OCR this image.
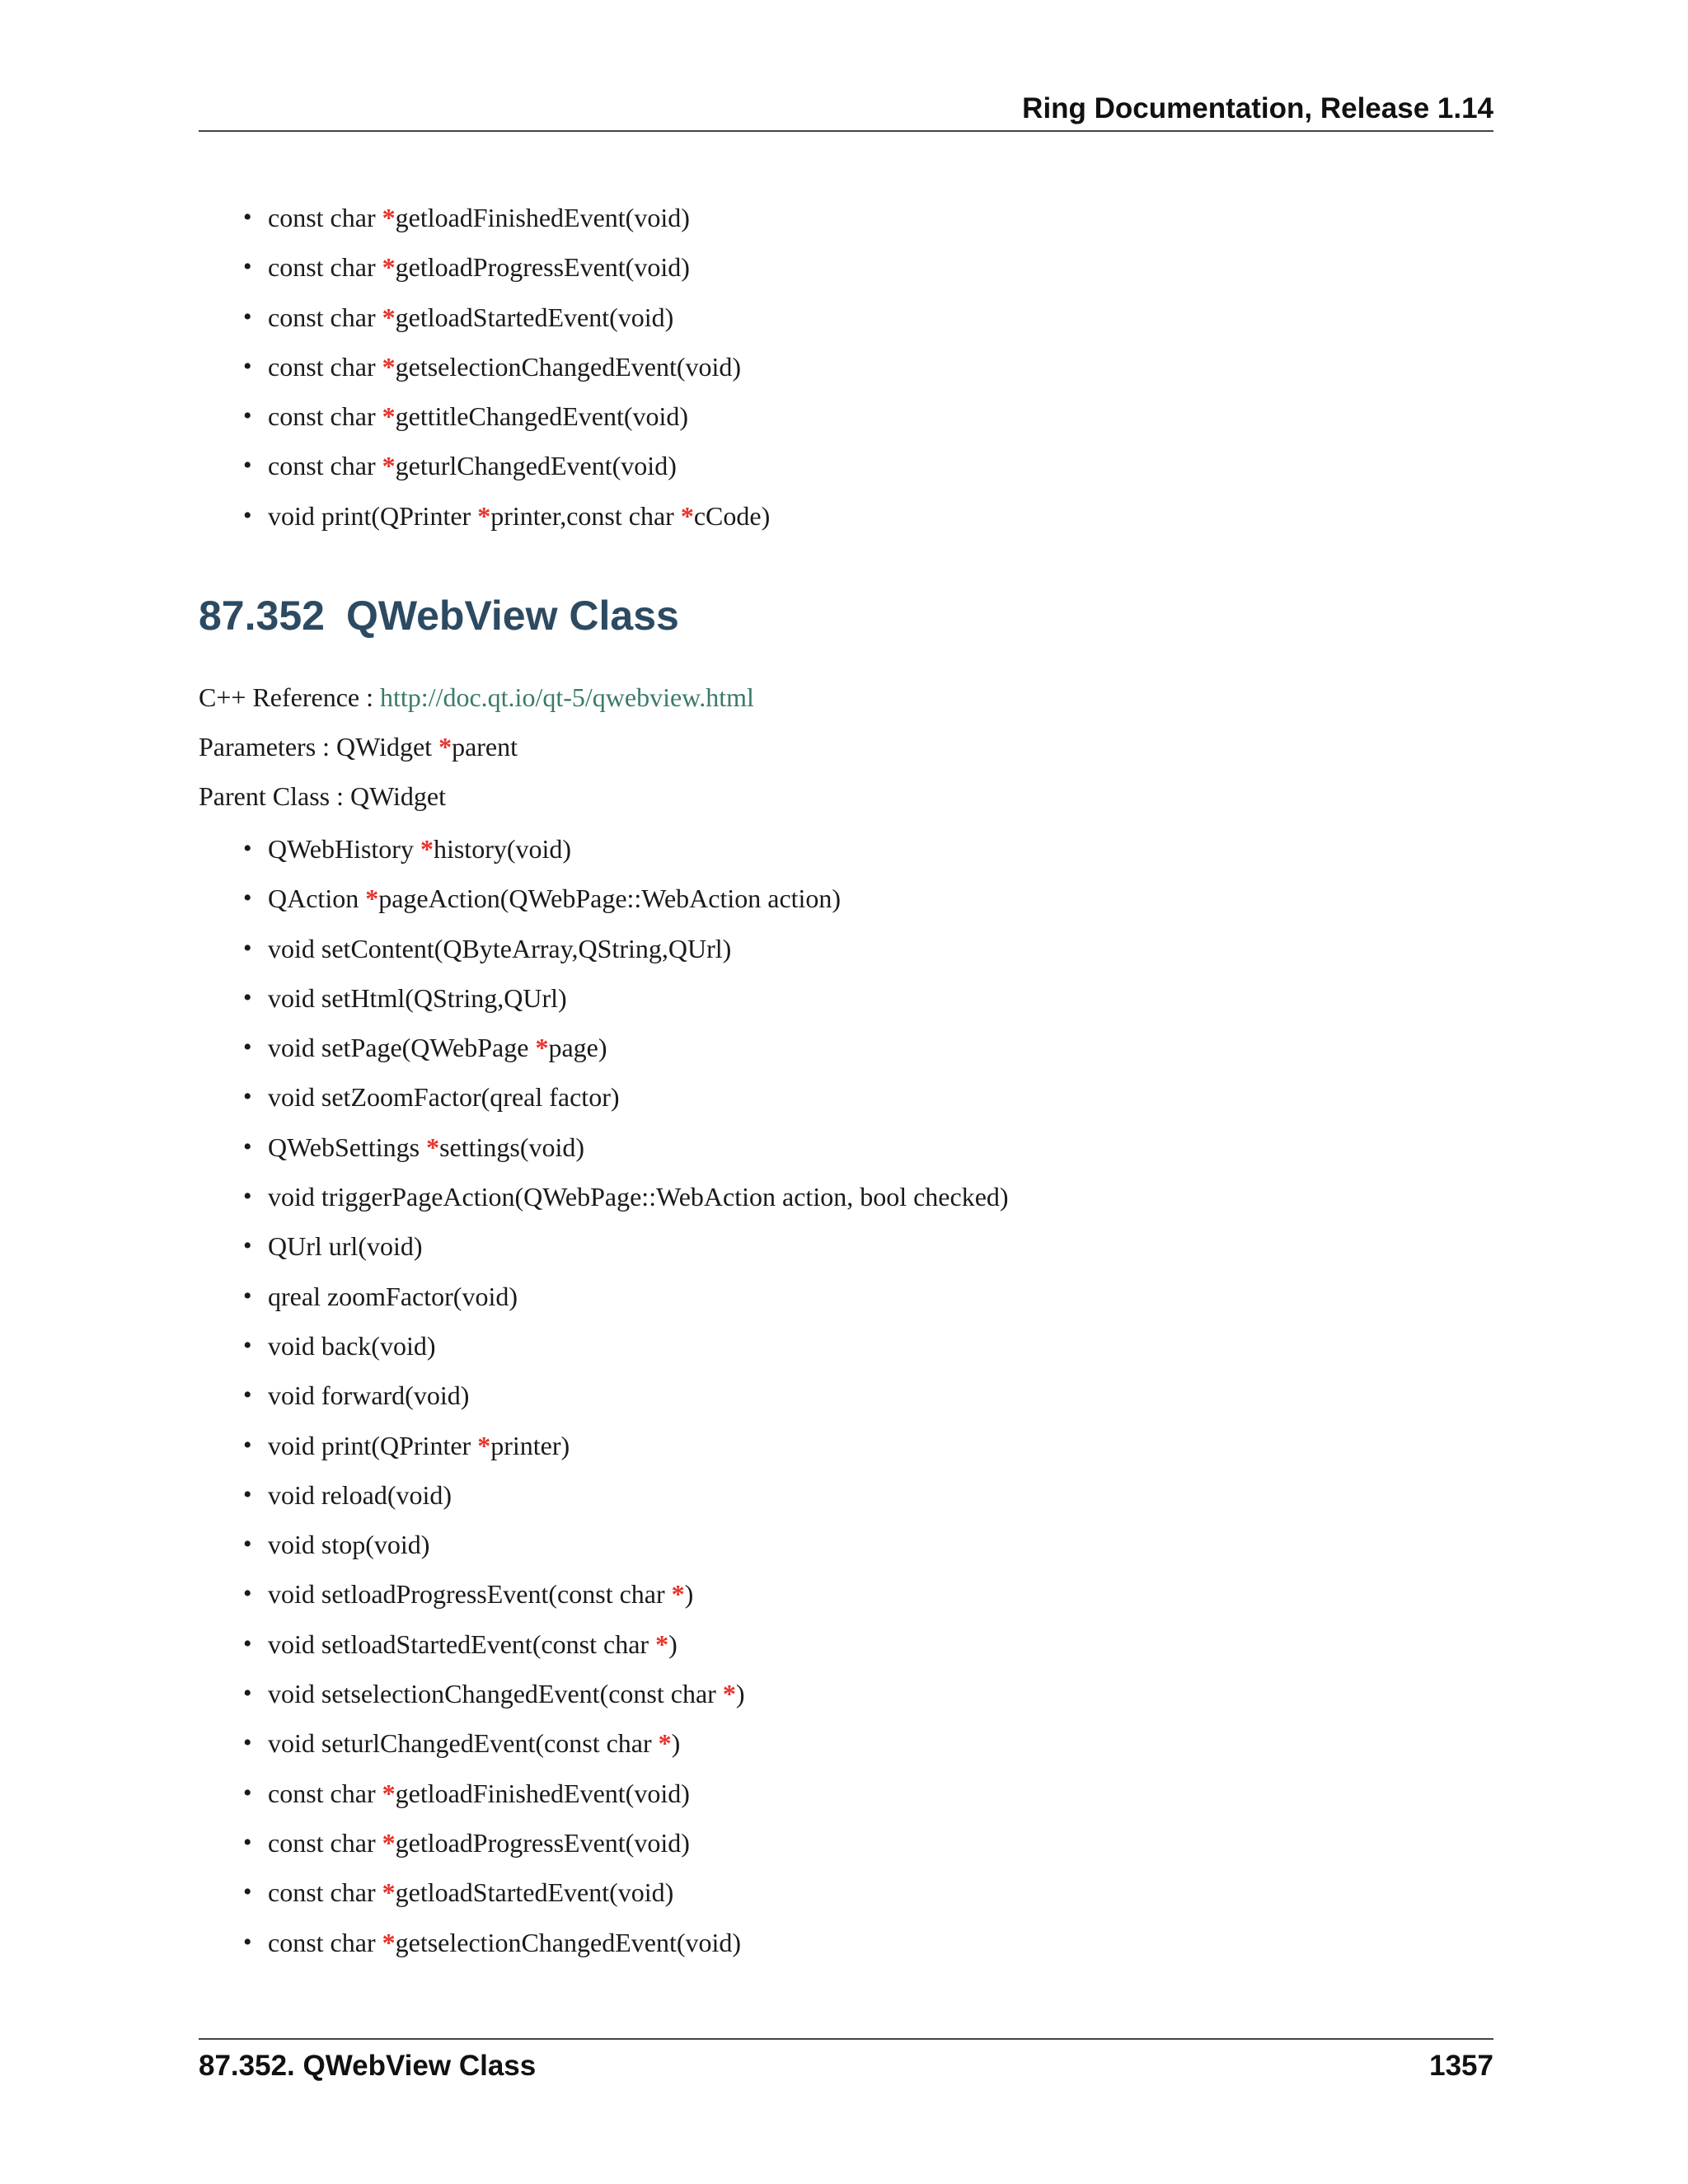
Ring Documentation, Release 1.14
• const char *getloadFinishedEvent(void)
• const char *getloadProgressEvent(void)
• const char *getloadStartedEvent(void)
• const char *getselectionChangedEvent(void)
• const char *gettitleChangedEvent(void)
• const char *geturlChangedEvent(void)
• void print(QPrinter *printer,const char *cCode)
87.352 QWebView Class
C++ Reference : http://doc.qt.io/qt-5/qwebview.html
Parameters : QWidget *parent
Parent Class : QWidget
• QWebHistory *history(void)
• QAction *pageAction(QWebPage::WebAction action)
• void setContent(QByteArray,QString,QUrl)
• void setHtml(QString,QUrl)
• void setPage(QWebPage *page)
• void setZoomFactor(qreal factor)
• QWebSettings *settings(void)
• void triggerPageAction(QWebPage::WebAction action, bool checked)
• QUrl url(void)
• qreal zoomFactor(void)
• void back(void)
• void forward(void)
• void print(QPrinter *printer)
• void reload(void)
• void stop(void)
• void setloadProgressEvent(const char *)
• void setloadStartedEvent(const char *)
• void setselectionChangedEvent(const char *)
• void seturlChangedEvent(const char *)
• const char *getloadFinishedEvent(void)
• const char *getloadProgressEvent(void)
• const char *getloadStartedEvent(void)
• const char *getselectionChangedEvent(void)
87.352. QWebView Class	1357
